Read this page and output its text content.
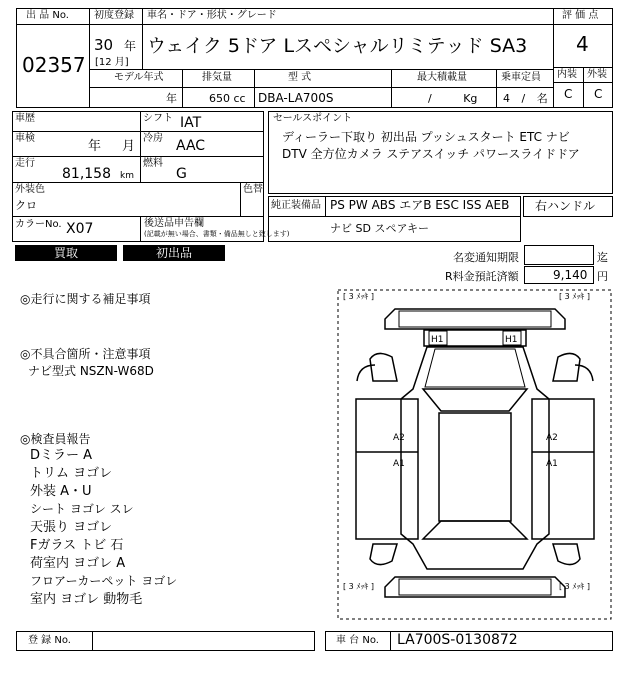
出 品 No.
02357
初度登録 車名・ドア・形状・グレード
30 年
[12 月]
ウェイク 5ドア Lスペシャルリミテッド SA3
評 価 点
4
内装 外装
C C
モデル年式
年
排気量
650 cc
型 式
DBA-LA700S
最大積載量
/ Kg
乗車定員
4 / 名
車歴	シフト IAT
車検
年 月
冷房 AAC
走行
81,158 km
燃料
G
外装色
クロ
色替
カラーNo. X07	後送品申告欄
(記載が無い場合、書類・備品無しと致します)
セールスポイント
ディーラー下取り 初出品 プッシュスタート ETC ナビ
DTV 全方位カメラ ステアスイッチ パワースライドドア
純正装備品 PS PW ABS エアB ESC ISS AEB
ナビ SD スペアキー
右ハンドル
買取	初出品	名変通知期限	迄
R料金預託済額	9,140 円
◎走行に関する補足事項
◎不具合箇所・注意事項
ナビ型式 NSZN-W68D
◎検査員報告
Dミラー A
トリム ヨゴレ
外装 A・U
シート ヨゴレ スレ
天張り ヨゴレ
Fガラス トビ 石
荷室内 ヨゴレ A
フロアーカーペット ヨゴレ
室内 ヨゴレ 動物毛
[ 3 ﾒｯｷ ]	[ 3 ﾒｯｷ ]
[ 3 ﾒｯｷ ]	[ 3 ﾒｯｷ ]
H1	H1
A2
A1
A2
A1
登 録 No.	車 台 No. LA700S-0130872
